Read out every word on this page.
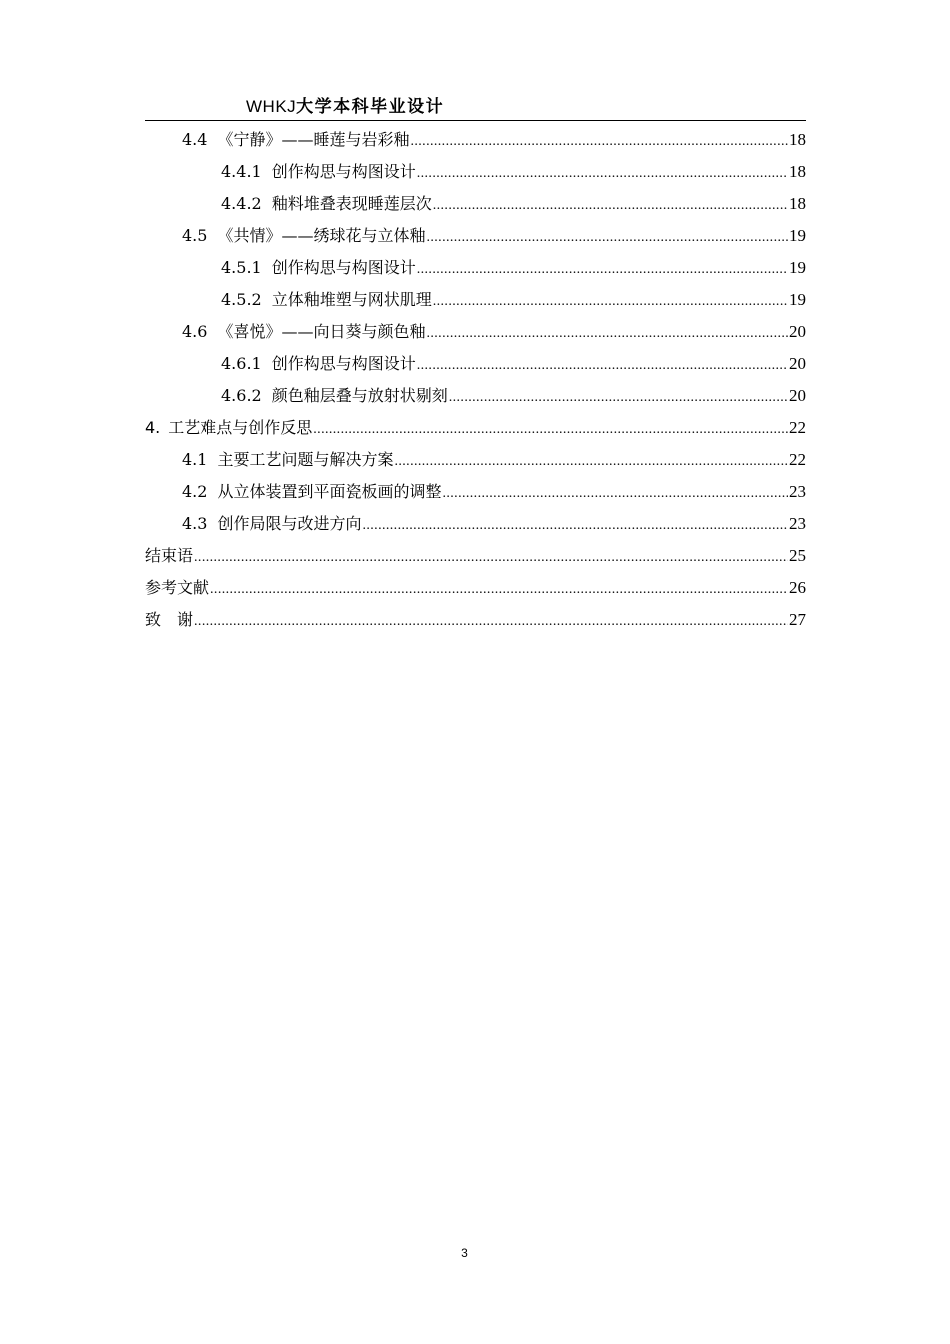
WHKJ大学本科毕业设计
4.4 《宁静》——睡莲与岩彩釉 .....	18
4.4.1 创作构思与构图设计 .....	18
4.4.2 釉料堆叠表现睡莲层次 .....	18
4.5 《共情》——绣球花与立体釉 .....	19
4.5.1 创作构思与构图设计 .....	19
4.5.2 立体釉堆塑与网状肌理 .....	19
4.6 《喜悦》——向日葵与颜色釉 .....	20
4.6.1 创作构思与构图设计 .....	20
4.6.2 颜色釉层叠与放射状剔刻 .....	20
4. 工艺难点与创作反思 .....	22
4.1 主要工艺问题与解决方案 .....	22
4.2 从立体装置到平面瓷板画的调整 .....	23
4.3 创作局限与改进方向 .....	23
结束语 .....	25
参考文献 .....	26
致　谢 .....	27
3
